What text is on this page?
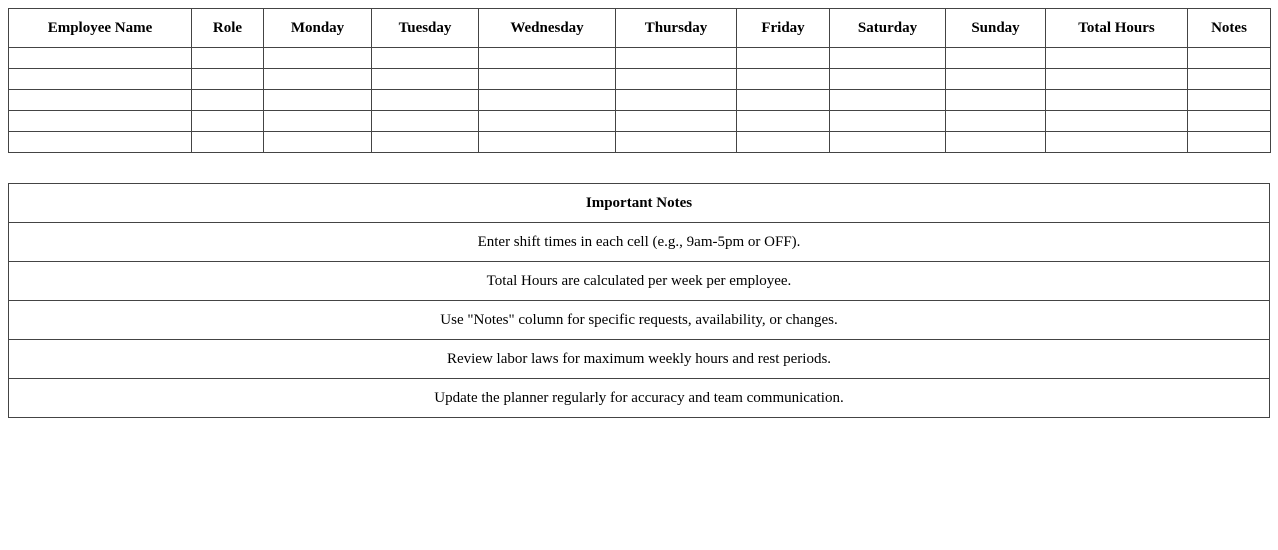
Employee Name	Role	Monday	Tuesday	Wednesday	Thursday	Friday	Saturday	Sunday	Total Hours	Notes

Important Notes
Enter shift times in each cell (e.g., 9am-5pm or OFF).
Total Hours are calculated per week per employee.
Use "Notes" column for specific requests, availability, or changes.
Review labor laws for maximum weekly hours and rest periods.
Update the planner regularly for accuracy and team communication.
